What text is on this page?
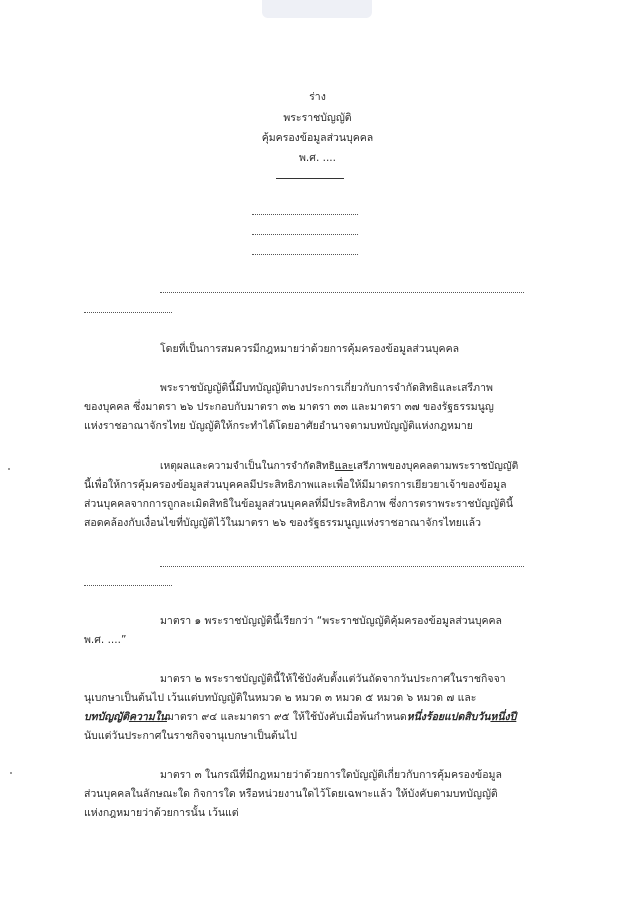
ร่าง
พระราชบัญญัติ
คุ้มครองข้อมูลส่วนบุคคล
พ.ศ. ....
โดยที่เป็นการสมควรมีกฎหมายว่าด้วยการคุ้มครองข้อมูลส่วนบุคคล
พระราชบัญญัตินี้มีบทบัญญัติบางประการเกี่ยวกับการจำกัดสิทธิและเสรีภาพ
ของบุคคล ซึ่งมาตรา ๒๖ ประกอบกับมาตรา ๓๒ มาตรา ๓๓ และมาตรา ๓๗ ของรัฐธรรมนูญ
แห่งราชอาณาจักรไทย บัญญัติให้กระทำได้โดยอาศัยอำนาจตามบทบัญญัติแห่งกฎหมาย
เหตุผลและความจำเป็นในการจำกัดสิทธิและเสรีภาพของบุคคลตามพระราชบัญญัติ
นี้เพื่อให้การคุ้มครองข้อมูลส่วนบุคคลมีประสิทธิภาพและเพื่อให้มีมาตรการเยียวยาเจ้าของข้อมูล
ส่วนบุคคลจากการถูกละเมิดสิทธิในข้อมูลส่วนบุคคลที่มีประสิทธิภาพ ซึ่งการตราพระราชบัญญัตินี้
สอดคล้องกับเงื่อนไขที่บัญญัติไว้ในมาตรา ๒๖ ของรัฐธรรมนูญแห่งราชอาณาจักรไทยแล้ว
มาตรา ๑ พระราชบัญญัตินี้เรียกว่า “พระราชบัญญัติคุ้มครองข้อมูลส่วนบุคคล
พ.ศ. ....”
มาตรา ๒ พระราชบัญญัตินี้ให้ใช้บังคับตั้งแต่วันถัดจากวันประกาศในราชกิจจา
นุเบกษาเป็นต้นไป เว้นแต่บทบัญญัติในหมวด ๒ หมวด ๓ หมวด ๕ หมวด ๖ หมวด ๗ และ
บทบัญญัติความในมาตรา ๙๔ และมาตรา ๙๕ ให้ใช้บังคับเมื่อพ้นกำหนดหนึ่งร้อยแปดสิบวันหนึ่งปี
นับแต่วันประกาศในราชกิจจานุเบกษาเป็นต้นไป
มาตรา ๓ ในกรณีที่มีกฎหมายว่าด้วยการใดบัญญัติเกี่ยวกับการคุ้มครองข้อมูล
ส่วนบุคคลในลักษณะใด กิจการใด หรือหน่วยงานใดไว้โดยเฉพาะแล้ว ให้บังคับตามบทบัญญัติ
แห่งกฎหมายว่าด้วยการนั้น เว้นแต่
